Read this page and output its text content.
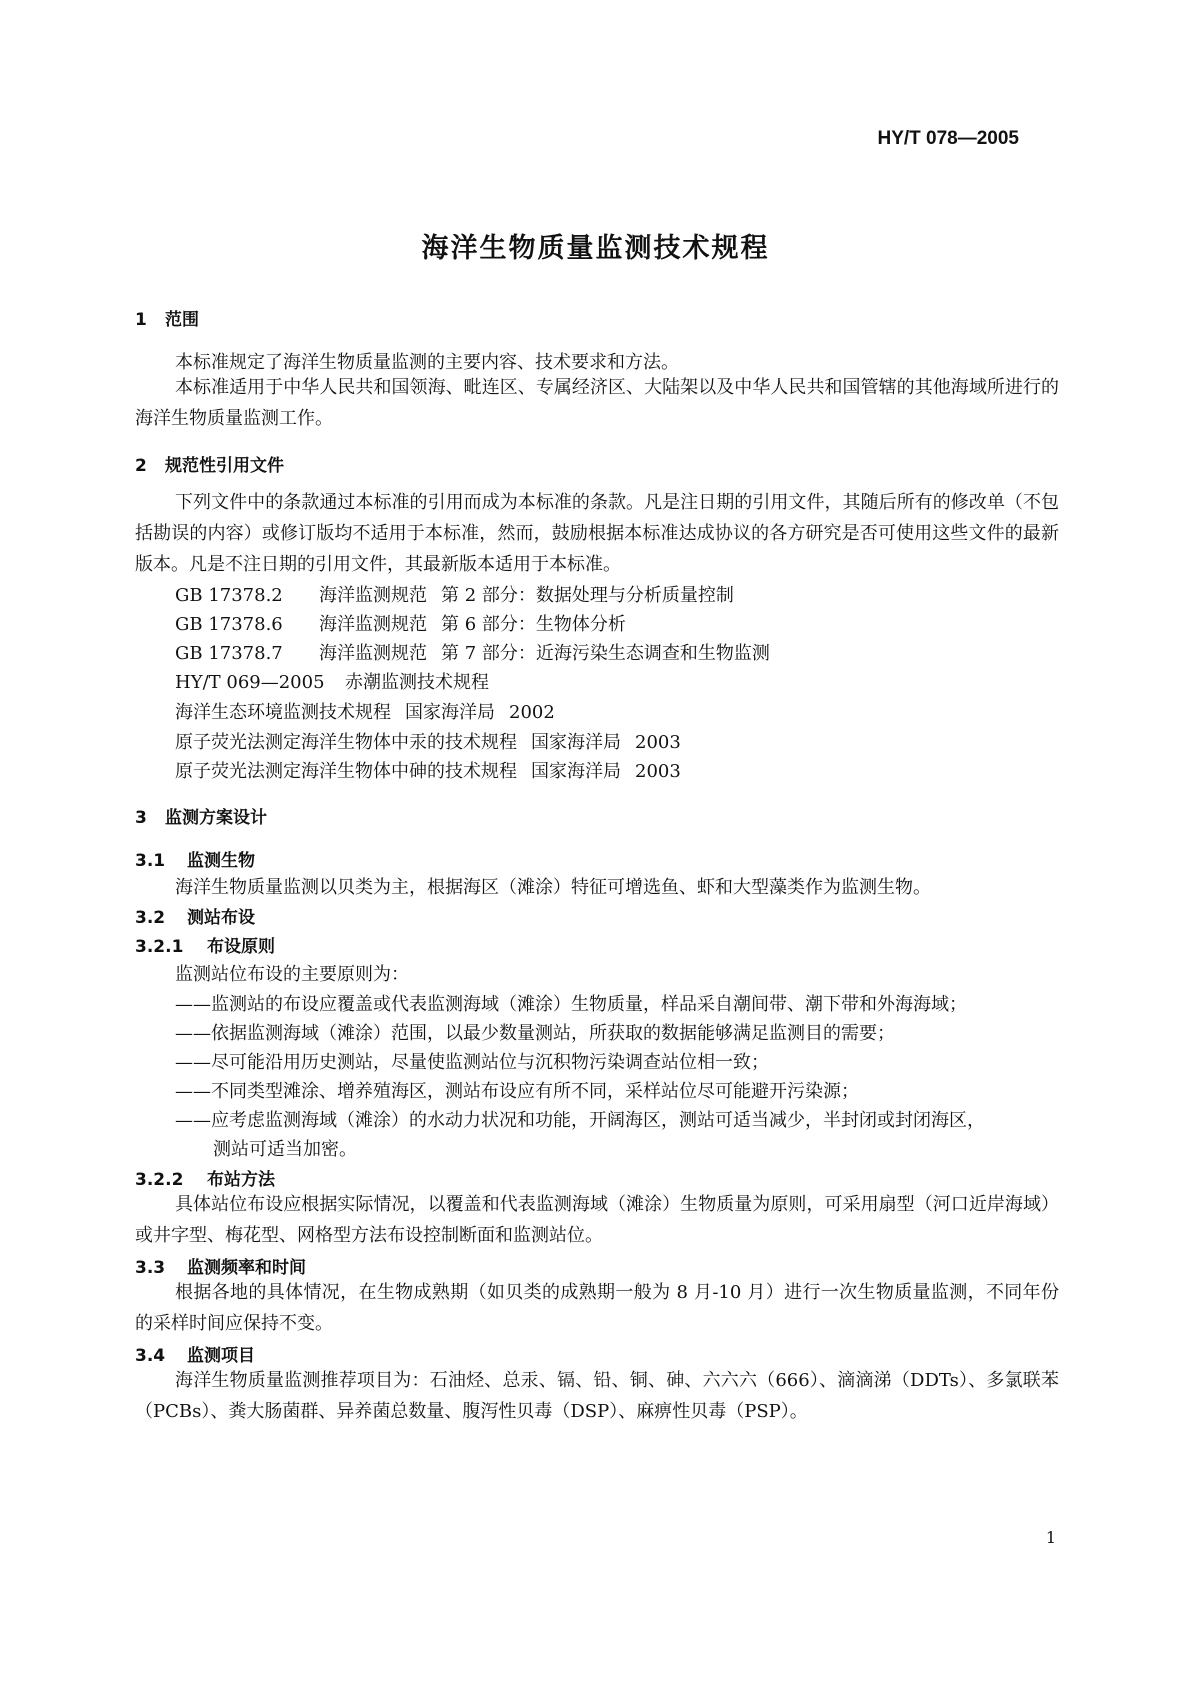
HY/T 078—2005
海洋生物质量监测技术规程
1 范围
本标准规定了海洋生物质量监测的主要内容、技术要求和方法。
本标准适用于中华人民共和国领海、毗连区、专属经济区、大陆架以及中华人民共和国管辖的其他海域所进行的海洋生物质量监测工作。
2 规范性引用文件
下列文件中的条款通过本标准的引用而成为本标准的条款。凡是注日期的引用文件，其随后所有的修改单（不包括勘误的内容）或修订版均不适用于本标准，然而，鼓励根据本标准达成协议的各方研究是否可使用这些文件的最新版本。凡是不注日期的引用文件，其最新版本适用于本标准。
GB 17378.2 海洋监测规范 第 2 部分：数据处理与分析质量控制
GB 17378.6 海洋监测规范 第 6 部分：生物体分析
GB 17378.7 海洋监测规范 第 7 部分：近海污染生态调查和生物监测
HY/T 069—2005 赤潮监测技术规程
海洋生态环境监测技术规程 国家海洋局 2002
原子荧光法测定海洋生物体中汞的技术规程 国家海洋局 2003
原子荧光法测定海洋生物体中砷的技术规程 国家海洋局 2003
3 监测方案设计
3.1 监测生物
海洋生物质量监测以贝类为主，根据海区（滩涂）特征可增选鱼、虾和大型藻类作为监测生物。
3.2 测站布设
3.2.1 布设原则
监测站位布设的主要原则为：
——监测站的布设应覆盖或代表监测海域（滩涂）生物质量，样品采自潮间带、潮下带和外海海域；
——依据监测海域（滩涂）范围，以最少数量测站，所获取的数据能够满足监测目的需要；
——尽可能沿用历史测站，尽量使监测站位与沉积物污染调查站位相一致；
——不同类型滩涂、增养殖海区，测站布设应有所不同，采样站位尽可能避开污染源；
——应考虑监测海域（滩涂）的水动力状况和功能，开阔海区，测站可适当减少，半封闭或封闭海区，
测站可适当加密。
3.2.2 布站方法
具体站位布设应根据实际情况，以覆盖和代表监测海域（滩涂）生物质量为原则，可采用扇型（河口近岸海域）或井字型、梅花型、网格型方法布设控制断面和监测站位。
3.3 监测频率和时间
根据各地的具体情况，在生物成熟期（如贝类的成熟期一般为 8 月-10 月）进行一次生物质量监测，不同年份的采样时间应保持不变。
3.4 监测项目
海洋生物质量监测推荐项目为：石油烃、总汞、镉、铅、铜、砷、六六六（666）、滴滴涕（DDTs）、多氯联苯（PCBs）、粪大肠菌群、异养菌总数量、腹泻性贝毒（DSP）、麻痹性贝毒（PSP）。
1
